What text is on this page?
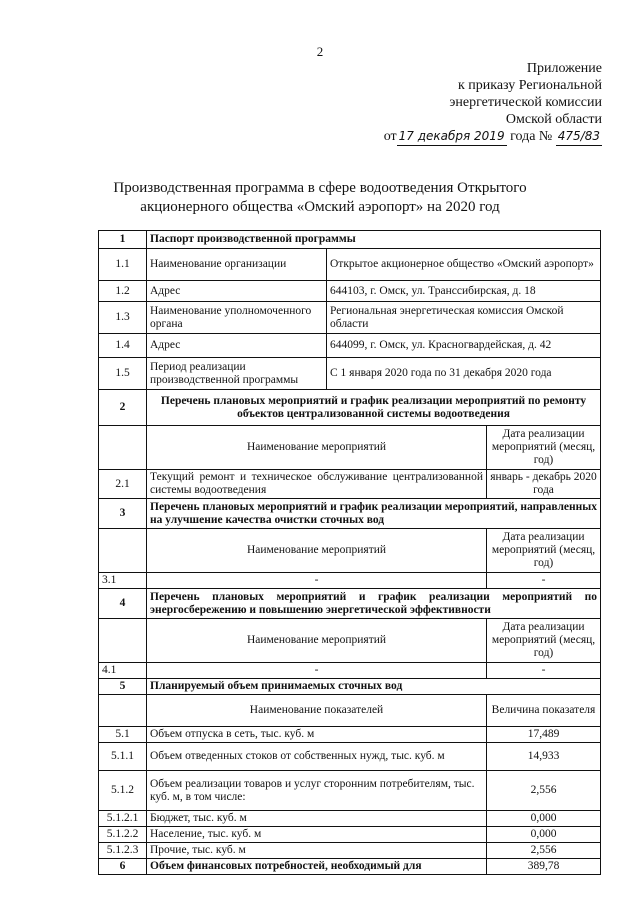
2
Приложение
к приказу Региональной
энергетической комиссии
Омской области
от 17 декабря 2019 года № 475/83
Производственная программа в сфере водоотведения Открытого
акционерного общества «Омский аэропорт» на 2020 год
1	Паспорт производственной программы		
1.1	Наименование организации	Открытое акционерное общество «Омский аэропорт»	
1.2	Адрес	644103, г. Омск, ул. Транссибирская, д. 18	
1.3	Наименование уполномоченного органа	Региональная энергетическая комиссия Омской области	
1.4	Адрес	644099, г. Омск, ул. Красногвардейская, д. 42	
1.5	Период реализации производственной программы	С 1 января 2020 года по 31 декабря 2020 года	
2	Перечень плановых мероприятий и график реализации мероприятий по ремонту объектов централизованной системы водоотведения		
	Наименование мероприятий		Дата реализации мероприятий (месяц, год)
2.1	Текущий ремонт и техническое обслуживание централизованной системы водоотведения		январь - декабрь 2020 года
3	Перечень плановых мероприятий и график реализации мероприятий, направленных на улучшение качества очистки сточных вод		
	Наименование мероприятий		Дата реализации мероприятий (месяц, год)
3.1	-		-
4	Перечень плановых мероприятий и график реализации мероприятий по энергосбережению и повышению энергетической эффективности		
	Наименование мероприятий		Дата реализации мероприятий (месяц, год)
4.1	-		-
5	Планируемый объем принимаемых сточных вод		
	Наименование показателей		Величина показателя
5.1	Объем отпуска в сеть, тыс. куб. м		17,489
5.1.1	Объем отведенных стоков от собственных нужд, тыс. куб. м		14,933
5.1.2	Объем реализации товаров и услуг сторонним потребителям, тыс. куб. м, в том числе:		2,556
5.1.2.1	Бюджет, тыс. куб. м		0,000
5.1.2.2	Население, тыс. куб. м		0,000
5.1.2.3	Прочие, тыс. куб. м		2,556
6	Объем финансовых потребностей, необходимый для		389,78
